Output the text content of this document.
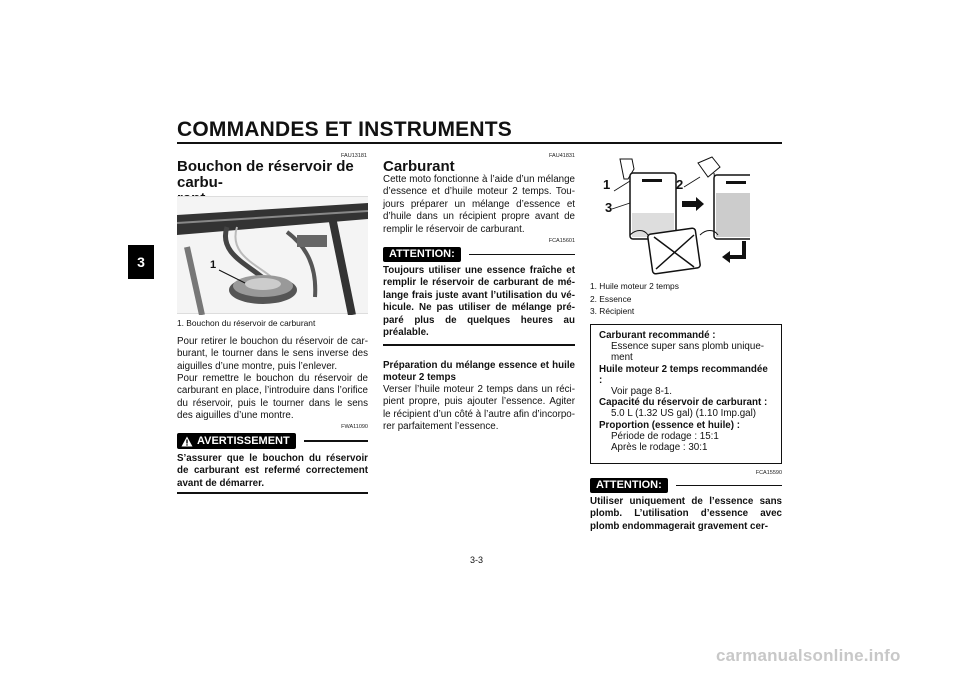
COMMANDES ET INSTRUMENTS
3
FAU13181
Bouchon de réservoir de carbu-

1
1. Bouchon du réservoir de carburant
Pour retirer le bouchon du réservoir de car-burant, le tourner dans le sens inverse des aiguilles d’une montre, puis l’enlever.
Pour remettre le bouchon du réservoir de carburant en place, l’introduire dans l’orifice du réservoir, puis le tourner dans le sens des aiguilles d’une montre.
FWA11090
AVERTISSEMENT
S’assurer que le bouchon du réservoir de carburant est refermé correctement avant de démarrer.
FAU41831
Carburant
Cette moto fonctionne à l’aide d’un mélange d’essence et d’huile moteur 2 temps. Tou-jours préparer un mélange d’essence et d’huile dans un récipient propre avant de remplir le réservoir de carburant.
FCA15601
ATTENTION:
Toujours utiliser une essence fraîche et remplir le réservoir de carburant de mé-lange frais juste avant l’utilisation du vé-hicule. Ne pas utiliser de mélange pré-paré plus de quelques heures au préalable.
Préparation du mélange essence et huile moteur 2 temps
Verser l’huile moteur 2 temps dans un réci-pient propre, puis ajouter l’essence. Agiter le récipient d’un côté à l’autre afin d’incorpo-rer parfaitement l’essence.
1	2
3
1. Huile moteur 2 temps
2. Essence
3. Récipient
Carburant recommandé :
Essence super sans plomb unique-ment
Huile moteur 2 temps recommandée :
Voir page 8-1.
Capacité du réservoir de carburant :
5.0 L (1.32 US gal) (1.10 Imp.gal)
Proportion (essence et huile) :
Période de rodage : 15:1
Après le rodage : 30:1
FCA15590
ATTENTION:
Utiliser uniquement de l’essence sans plomb. L’utilisation d’essence avec plomb endommagerait gravement cer-
3-3
carmanualsonline.info
